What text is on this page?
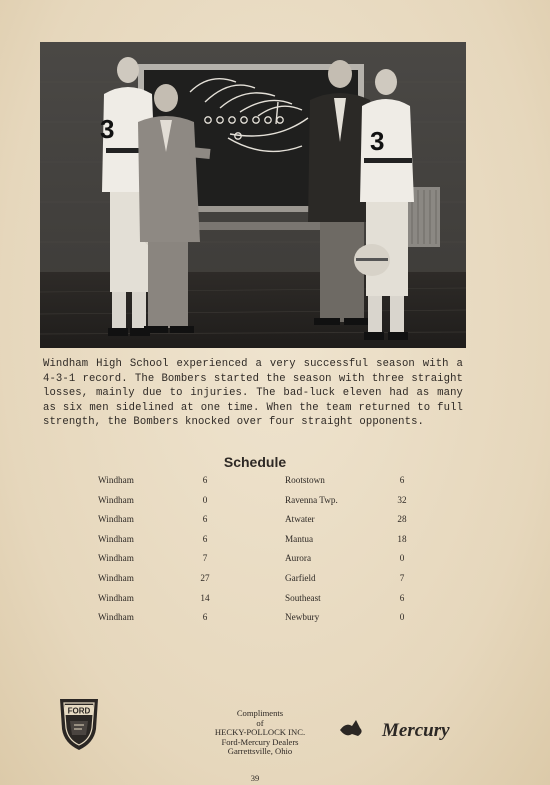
3	3

Windham High School experienced a very successful season with a 4-3-1 record. The Bombers started the season with three straight losses, mainly due to injuries. The bad-luck eleven had as many as six men sidelined at one time. When the team returned to full strength, the Bombers knocked over four straight opponents.

Schedule
Windham	6	Rootstown	6
Windham	0	Ravenna Twp.	32
Windham	6	Atwater	28
Windham	6	Mantua	18
Windham	7	Aurora	0
Windham	27	Garfield	7
Windham	14	Southeast	6
Windham	6	Newbury	0
FORD	Compliments
of
HECKY-POLLOCK INC.
Ford-Mercury Dealers
Garrettsville, Ohio
Mercury
39
